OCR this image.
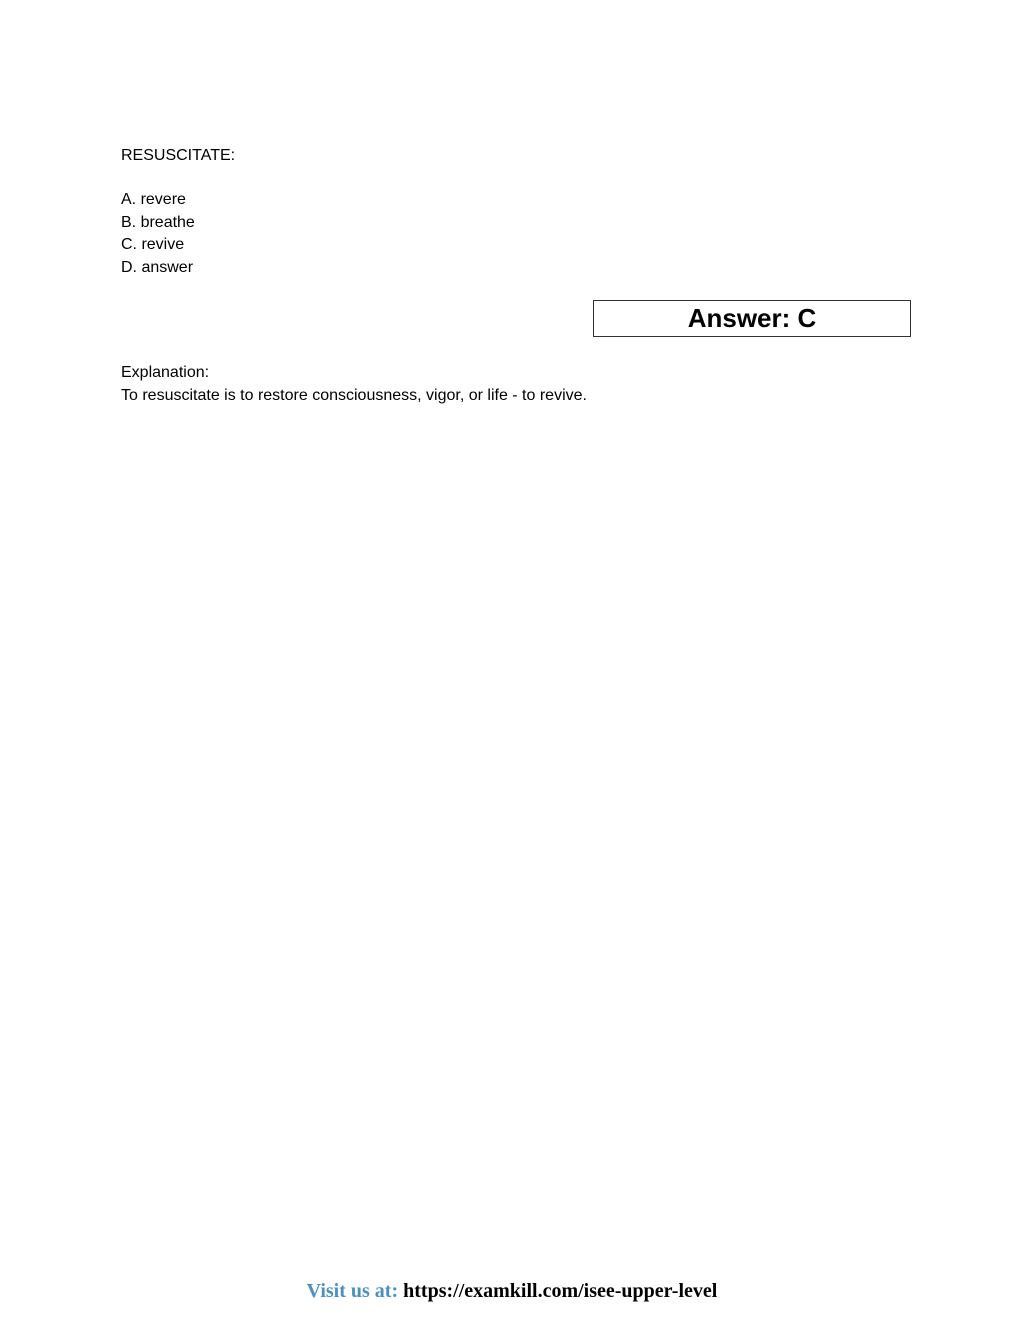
RESUSCITATE:
A. revere
B. breathe
C. revive
D. answer
Answer: C
Explanation:
To resuscitate is to restore consciousness, vigor, or life - to revive.
Visit us at: https://examkill.com/isee-upper-level
